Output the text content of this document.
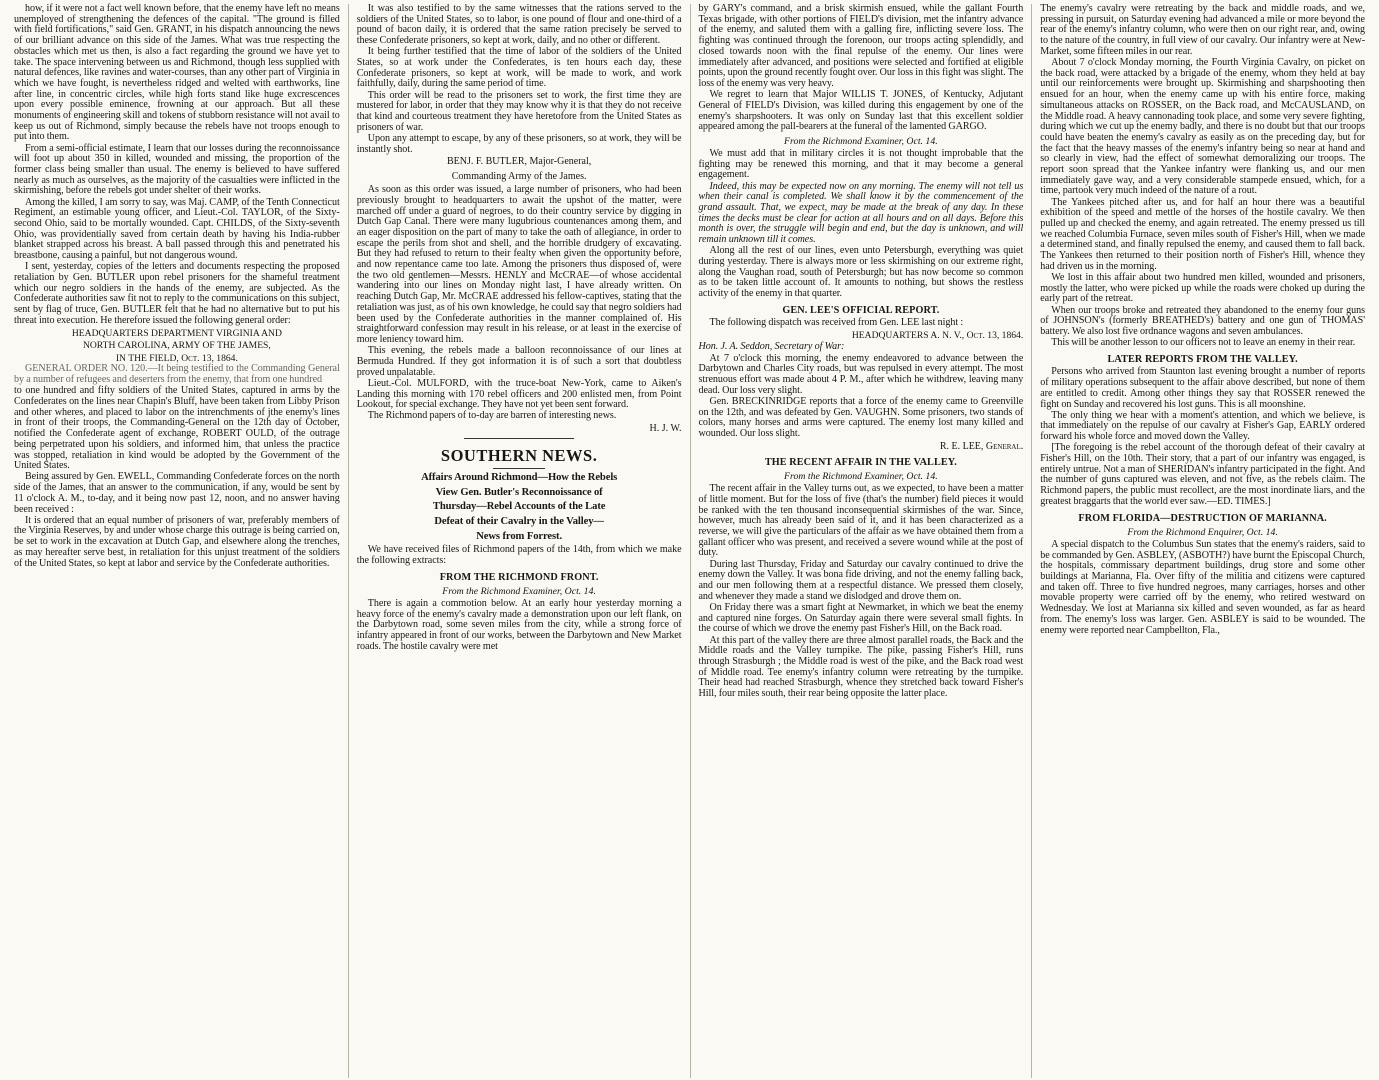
how, if it were not a fact well known before, that the enemy have left no means unemployed of strengthening the defences of the capital. "The ground is filled with field fortifications," said Gen. GRANT, in his dispatch announcing the news of our brilliant advance on this side of the James. What was true respecting the obstacles which met us then, is also a fact regarding the ground we have yet to take. The space intervening between us and Richmond, though less supplied with natural defences, like ravines and water-courses, than any other part of Virginia in which we have fought, is nevertheless ridged and welted with earthworks, line after line, in concentric circles, while high forts stand like huge excrescences upon every possible eminence, frowning at our approach. But all these monuments of engineering skill and tokens of stubborn resistance will not avail to keep us out of Richmond, simply because the rebels have not troops enough to put into them.

From a semi-official estimate, I learn that our losses during the reconnoissance will foot up about 350 in killed, wounded and missing, the proportion of the former class being smaller than usual. The enemy is believed to have suffered nearly as much as ourselves, as the majority of the casualties were inflicted in the skirmishing, before the rebels got under shelter of their works.

Among the killed, I am sorry to say, was Maj. CAMP, of the Tenth Connecticut Regiment, an estimable young officer, and Lieut.-Col. TAYLOR, of the Sixty-second Ohio, said to be mortally wounded. Capt. CHILDS, of the Sixty-seventh Ohio, was providentially saved from certain death by having his India-rubber blanket strapped across his breast. A ball passed through this and penetrated his breastbone, causing a painful, but not dangerous wound.

I sent, yesterday, copies of the letters and documents respecting the proposed retaliation by Gen. BUTLER upon rebel prisoners for the shameful treatment which our negro soldiers in the hands of the enemy, are subjected. As the Confederate authorities saw fit not to reply to the communications on this subject, sent by flag of truce, Gen. BUTLER felt that he had no alternative but to put his threat into execution. He therefore issued the following general order:

HEADQUARTERS DEPARTMENT VIRGINIA AND

NORTH CAROLINA, ARMY OF THE JAMES,

IN THE FIELD, Oct. 13, 1864.

GENERAL ORDER NO. 120.—It being testified to the Commanding General by a number of refugees and deserters from the enemy, that from one hundred

to one hundred and fifty soldiers of the United States, captured in arms by the Confederates on the lines near Chapin's Bluff, have been taken from Libby Prison and other wheres, and placed to labor on the intrenchments of jthe enemy's lines in front of their troops, the Commanding-General on the 12th day of October, notified the Confederate agent of exchange, ROBERT OULD, of the outrage being perpetrated upon his soldiers, and informed him, that unless the practice was stopped, retaliation in kind would be adopted by the Government of the United States.

Being assured by Gen. EWELL, Commanding Confederate forces on the north side of the James, that an answer to the communication, if any, would be sent by 11 o'clock A. M., to-day, and it being now past 12, noon, and no answer having been received :

It is ordered that an equal number of prisoners of war, preferably members of the Virginia Reserves, by and under whose charge this outrage is being carried on, be set to work in the excavation at Dutch Gap, and elsewhere along the trenches, as may hereafter serve best, in retaliation for this unjust treatment of the soldiers of the United States, so kept at labor and service by the Confederate authorities.

It was also testified to by the same witnesses that the rations served to the soldiers of the United States, so to labor, is one pound of flour and one-third of a pound of bacon daily, it is ordered that the same ration precisely be served to these Confederate prisoners, so kept at work, daily, and no other or different.

It being further testified that the time of labor of the soldiers of the United States, so at work under the Confederates, is ten hours each day, these Confederate prisoners, so kept at work, will be made to work, and work faithfully, daily, during the same period of time.

This order will be read to the prisoners set to work, the first time they are mustered for labor, in order that they may know why it is that they do not receive that kind and courteous treatment they have heretofore from the United States as prisoners of war.

Upon any attempt to escape, by any of these prisoners, so at work, they will be instantly shot.

BENJ. F. BUTLER, Major-General,

Commanding Army of the James.

As soon as this order was issued, a large number of prisoners, who had been previously brought to headquarters to await the upshot of the matter, were marched off under a guard of negroes, to do their country service by digging in Dutch Gap Canal. There were many lugubrious countenances among them, and an eager disposition on the part of many to take the oath of allegiance, in order to escape the perils from shot and shell, and the horrible drudgery of excavating. But they had refused to return to their fealty when given the opportunity before, and now repentance came too late. Among the prisoners thus disposed of, were the two old gentlemen—Messrs. HENLY and McCRAE—of whose accidental wandering into our lines on Monday night last, I have already written. On reaching Dutch Gap, Mr. McCRAE addressed his fellow-captives, stating that the retaliation was just, as of his own knowledge, he could say that negro soldiers had been used by the Confederate authorities in the manner complained of. His straightforward confession may result in his release, or at least in the exercise of more leniency toward him.

This evening, the rebels made a balloon reconnoissance of our lines at Bermuda Hundred. If they got information it is of such a sort that doubtless proved unpalatable.

Lieut.-Col. MULFORD, with the truce-boat New-York, came to Aiken's Landing this morning with 170 rebel officers and 200 enlisted men, from Point Lookout, for special exchange. They have not yet been sent forward.

The Richmond papers of to-day are barren of interesting news.

H. J. W.

SOUTHERN NEWS.

Affairs Around Richmond—How the Rebels

View Gen. Butler's Reconnoissance of

Thursday—Rebel Accounts of the Late

Defeat of their Cavalry in the Valley—

News from Forrest.

We have received files of Richmond papers of the 14th, from which we make the following extracts:

FROM THE RICHMOND FRONT.

From the Richmond Examiner, Oct. 14.

There is again a commotion below. At an early hour yesterday morning a heavy force of the enemy's cavalry made a demonstration upon our left flank, on the Darbytown road, some seven miles from the city, while a strong force of infantry appeared in front of our works, between the Darbytown and New Market roads. The hostile cavalry were met

by GARY's command, and a brisk skirmish ensued, while the gallant Fourth Texas brigade, with other portions of FIELD's division, met the infantry advance of the enemy, and saluted them with a galling fire, inflicting severe loss. The fighting was continued through the forenoon, our troops acting splendidly, and closed towards noon with the final repulse of the enemy. Our lines were immediately after advanced, and positions were selected and fortified at eligible points, upon the ground recently fought over. Our loss in this fight was slight. The loss of the enemy was very heavy.

We regret to learn that Major WILLIS T. JONES, of Kentucky, Adjutant General of FIELD's Division, was killed during this engagement by one of the enemy's sharpshooters. It was only on Sunday last that this excellent soldier appeared among the pall-bearers at the funeral of the lamented GARGO.

From the Richmond Examiner, Oct. 14.

We must add that in military circles it is not thought improbable that the fighting may be renewed this morning, and that it may become a general engagement.

Indeed, this may be expected now on any morning. The enemy will not tell us when their canal is completed. We shall know it by the commencement of the grand assault. That, we expect, may be made at the break of any day. In these times the decks must be clear for action at all hours and on all days. Before this month is over, the struggle will begin and end, but the day is unknown, and will remain unknown till it comes.

Along all the rest of our lines, even unto Petersburgh, everything was quiet during yesterday. There is always more or less skirmishing on our extreme right, along the Vaughan road, south of Petersburgh; but has now become so common as to be taken little account of. It amounts to nothing, but shows the restless activity of the enemy in that quarter.

GEN. LEE'S OFFICIAL REPORT.

The following dispatch was received from Gen. LEE last night :

HEADQUARTERS A. N. V., Oct. 13, 1864.

Hon. J. A. Seddon, Secretary of War:

At 7 o'clock this morning, the enemy endeavored to advance between the Darbytown and Charles City roads, but was repulsed in every attempt. The most strenuous effort was made about 4 P. M., after which he withdrew, leaving many dead. Our loss very slight.

Gen. BRECKINRIDGE reports that a force of the enemy came to Greenville on the 12th, and was defeated by Gen. VAUGHN. Some prisoners, two stands of colors, many horses and arms were captured. The enemy lost many killed and wounded. Our loss slight.

R. E. LEE, General.

THE RECENT AFFAIR IN THE VALLEY.

From the Richmond Examiner, Oct. 14.

The recent affair in the Valley turns out, as we expected, to have been a matter of little moment. But for the loss of five (that's the number) field pieces it would be ranked with the ten thousand inconsequential skirmishes of the war. Since, however, much has already been said of it, and it has been characterized as a reverse, we will give the particulars of the affair as we have obtained them from a gallant officer who was present, and received a severe wound while at the post of duty.

During last Thursday, Friday and Saturday our cavalry continued to drive the enemy down the Valley. It was bona fide driving, and not the enemy falling back, and our men following them at a respectful distance. We pressed them closely, and whenever they made a stand we dislodged and drove them on.

On Friday there was a smart fight at Newmarket, in which we beat the enemy and captured nine forges. On Saturday again there were several small fights. In the course of which we drove the enemy past Fisher's Hill, on the Back road.

At this part of the valley there are three almost parallel roads, the Back and the Middle roads and the Valley turnpike. The pike, passing Fisher's Hill, runs through Strasburgh ; the Middle road is west of the pike, and the Back road west of Middle road. Tee enemy's infantry column were retreating by the turnpike. Their head had reached Strasburgh, whence they stretched back toward Fisher's Hill, four miles south, their rear being opposite the latter place.

The enemy's cavalry were retreating by the back and middle roads, and we, pressing in pursuit, on Saturday evening had advanced a mile or more beyond the rear of the enemy's infantry column, who were then on our right rear, and, owing to the nature of the country, in full view of our cavalry. Our infantry were at New-Market, some fifteen miles in our rear.

About 7 o'clock Monday morning, the Fourth Virginia Cavalry, on picket on the back road, were attacked by a brigade of the enemy, whom they held at bay until our reinforcements were brought up. Skirmishing and sharpshooting then ensued for an hour, when the enemy came up with his entire force, making simultaneous attacks on ROSSER, on the Back road, and McCAUSLAND, on the Middle road. A heavy cannonading took place, and some very severe fighting, during which we cut up the enemy badly, and there is no doubt but that our troops could have beaten the enemy's cavalry as easily as on the preceding day, but for the fact that the heavy masses of the enemy's infantry being so near at hand and so clearly in view, had the effect of somewhat demoralizing our troops. The report soon spread that the Yankee infantry were flanking us, and our men immediately gave way, and a very considerable stampede ensued, which, for a time, partook very much indeed of the nature of a rout.

The Yankees pitched after us, and for half an hour there was a beautiful exhibition of the speed and mettle of the horses of the hostile cavalry. We then pulled up and checked the enemy, and again retreated. The enemy pressed us till we reached Columbia Furnace, seven miles south of Fisher's Hill, when we made a determined stand, and finally repulsed the enemy, and caused them to fall back. The Yankees then returned to their position north of Fisher's Hill, whence they had driven us in the morning.

We lost in this affair about two hundred men killed, wounded and prisoners, mostly the latter, who were picked up while the roads were choked up during the early part of the retreat.

When our troops broke and retreated they abandoned to the enemy four guns of JOHNSON's (formerly BREATHED's) battery and one gun of THOMAS' battery. We also lost five ordnance wagons and seven ambulances.

This will be another lesson to our officers not to leave an enemy in their rear.

LATER REPORTS FROM THE VALLEY.

Persons who arrived from Staunton last evening brought a number of reports of military operations subsequent to the affair above described, but none of them are entitled to credit. Among other things they say that ROSSER renewed the fight on Sunday and recovered his lost guns. This is all moonshine.

The only thing we hear with a moment's attention, and which we believe, is that immediately on the repulse of our cavalry at Fisher's Gap, EARLY ordered forward his whole force and moved down the Valley.

[The foregoing is the rebel account of the thorough defeat of their cavalry at Fisher's Hill, on the 10th. Their story, that a part of our infantry was engaged, is entirely untrue. Not a man of SHERIDAN's infantry participated in the fight. And the number of guns captured was eleven, and not five, as the rebels claim. The Richmond papers, the public must recollect, are the most inordinate liars, and the greatest braggarts that the world ever saw.—ED. TIMES.]

FROM FLORIDA—DESTRUCTION OF MARIANNA.

From the Richmond Enquirer, Oct. 14.

A special dispatch to the Columbus Sun states that the enemy's raiders, said to be commanded by Gen. ASBLEY, (ASBOTH?) have burnt the Episcopal Church, the hospitals, commissary department buildings, drug store and some other buildings at Marianna, Fla. Over fifty of the militia and citizens were captured and taken off. Three to five hundred negroes, many carriages, horses and other movable property were carried off by the enemy, who retired westward on Wednesday. We lost at Marianna six killed and seven wounded, as far as heard from. The enemy's loss was larger. Gen. ASBLEY is said to be wounded. The enemy were reported near Campbellton, Fla.,
